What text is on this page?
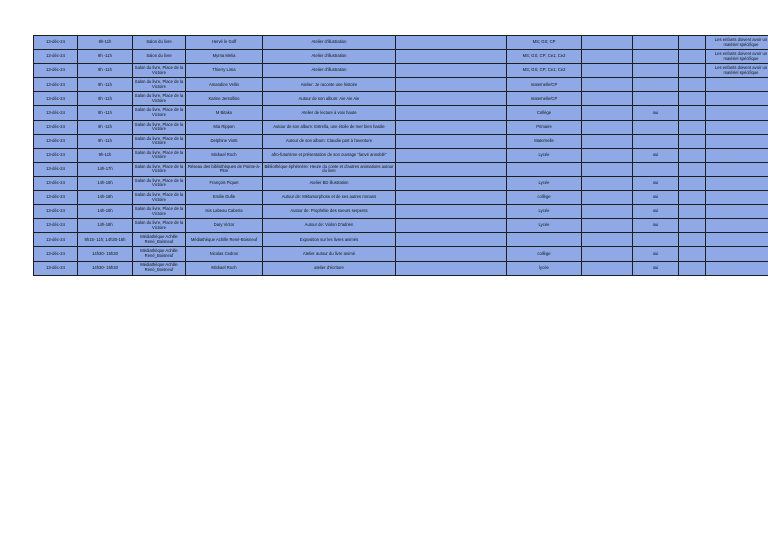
13-déc-24	9h-11h	Salon du livre	Hervé le Goff	Atelier d'illustration		MS; GS; CP				Les enfants doivent avoir un matériel spécifique
13-déc-24	9h -11h	Salon du livre	Myrna Melia	Atelier d'illustration		MS; GS; CP; Ce1; Ce2				Les enfants doivent avoir un matériel spécifique
13-déc-24	9h -11h	Salon du livre, Place de la Victoire	Thierry Lima	Atelier d'illustration		MS; GS; CP; Ce1; Ce2				Les enfants doivent avoir un matériel spécifique
13-déc-24	9h -11h	Salon du livre, Place de la Victoire	Amandine Vellin	Atelier: Je raconte une histoire		maternelle/CP				
13-déc-24	9h -11h	Salon du livre, Place de la Victoire	Karine Jersollino	Autour de son album: Aie Aie Aie		maternelle/CP				
13-déc-24	9h -11h	Salon du livre, Place de la Victoire	M Bitako	Atelier de lecture à voix haute		Collège		oui		
13-déc-24	9h -11h	Salon du livre, Place de la Victoire	Mia Rippon	Autour de son album: Estrella, une étoile de mer bien hardie		Primaire				
13-déc-24	9h -11h	Salon du livre, Place de la Victoire	Delphine Viotti	Autour de son album: Claudie part à l'aventure		Maternelle				
13-déc-24	9h-11h	Salon du livre, Place de la Victoire	Mickael Roch	afro-futurisme et présentation de son ouvrage "lanvé annoblé"		Lycée		oui		
13-déc-24	14h-17h	Salon du livre, Place de la Victoire	Réseau des bibliothèques de Pointe-à-Pitre	Bibliothèque éphémère: Heure du conte et d'autres animations autour du livre						
13-déc-24	14h-16h	Salon du livre, Place de la Victoire	François Piquet	Atelier BD illustration		Lycée		oui		
13-déc-24	14h-16h	Salon du livre, Place de la Victoire	Emilie Dufie	Autour de: Métamorphose et de ses autres romans		collège		oui		
13-déc-24	14h-16h	Salon du livre, Place de la Victoire	Isis Labeau Caberia	Autour de: Prophétie des soeurs serpents		Lycée		oui		
13-déc-24	14h-16h	Salon du livre, Place de la Victoire	Dary Victor	Autour de: Violon D'adrien		Lycée		oui		
13-déc-24	9h15- 11h; 14h30-16h	Médiathèque Achille René_Boisneuf	Médiathèque Achille René-Boisneuf	Exposition sur les livres animés						
13-déc-24	14h30- 15h30	Médiathèque Achille René_Boisneuf	Nicolas Cedron	Atelier autour du livre animé		collège		oui		
13-déc-24	14h30- 15h30	Médiathèque Achille René_Boisneuf	Mickael Roch	atelier d'écriture		lycée		oui		
